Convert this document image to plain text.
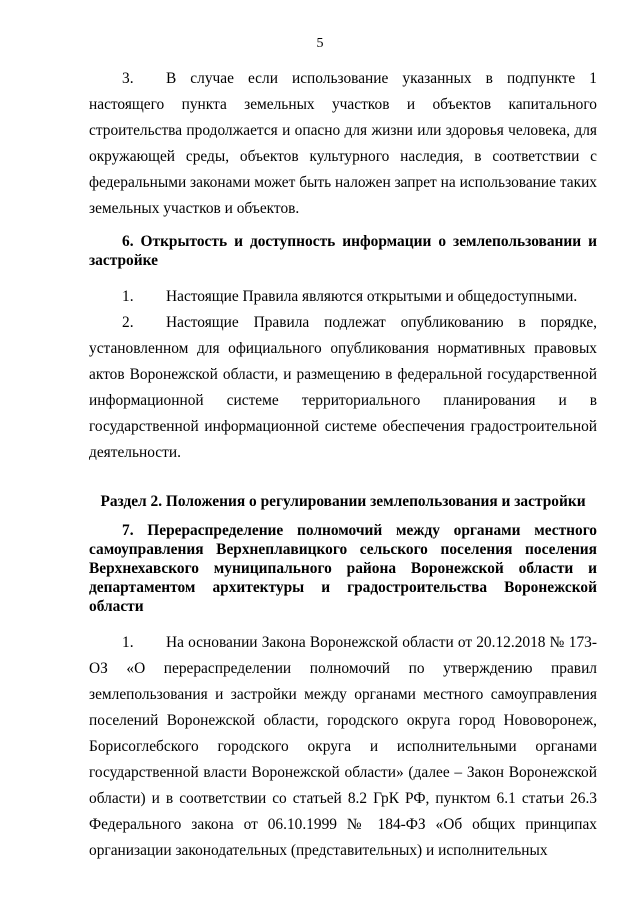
5

3. В случае если использование указанных в подпункте 1 настоящего пункта земельных участков и объектов капитального строительства продолжается и опасно для жизни или здоровья человека, для окружающей среды, объектов культурного наследия, в соответствии с федеральными законами может быть наложен запрет на использование таких земельных участков и объектов.

6. Открытость и доступность информации о землепользовании и застройке

1. Настоящие Правила являются открытыми и общедоступными.

2. Настоящие Правила подлежат опубликованию в порядке, установленном для официального опубликования нормативных правовых актов Воронежской области, и размещению в федеральной государственной информационной системе территориального планирования и в государственной информационной системе обеспечения градостроительной деятельности.

Раздел 2. Положения о регулировании землепользования и застройки

7. Перераспределение полномочий между органами местного самоуправления Верхнеплавицкого сельского поселения поселения Верхнехавского муниципального района Воронежской области и департаментом архитектуры и градостроительства Воронежской области

1. На основании Закона Воронежской области от 20.12.2018 № 173-ОЗ «О перераспределении полномочий по утверждению правил землепользования и застройки между органами местного самоуправления поселений Воронежской области, городского округа город Нововоронеж, Борисоглебского городского округа и исполнительными органами государственной власти Воронежской области» (далее – Закон Воронежской области) и в соответствии со статьей 8.2 ГрК РФ, пунктом 6.1 статьи 26.3 Федерального закона от 06.10.1999 № 184-ФЗ «Об общих принципах организации законодательных (представительных) и исполнительных
